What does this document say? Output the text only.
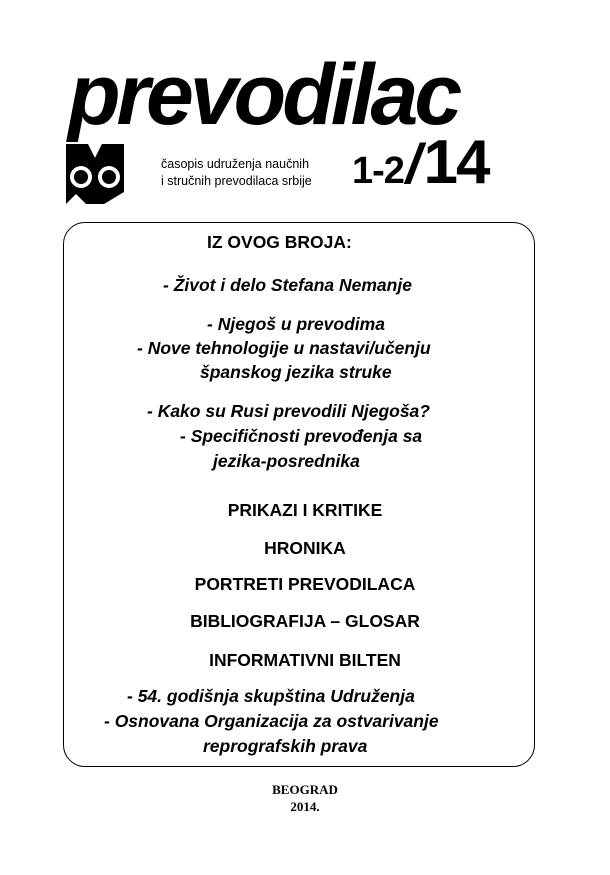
prevodilac
časopis udruženja naučnih
i stručnih prevodilaca srbije 1-2/14
IZ OVOG BROJA:
- Život i delo Stefana Nemanje
- Njegoš u prevodima
- Nove tehnologije u nastavi/učenju
španskog jezika struke
- Kako su Rusi prevodili Njegoša?
- Specifičnosti prevođenja sa
jezika-posrednika
PRIKAZI I KRITIKE
HRONIKA
PORTRETI PREVODILACA
BIBLIOGRAFIJA – GLOSAR
INFORMATIVNI BILTEN
- 54. godišnja skupština Udruženja
- Osnovana Organizacija za ostvarivanje
reprografskih prava
BEOGRAD
2014.
